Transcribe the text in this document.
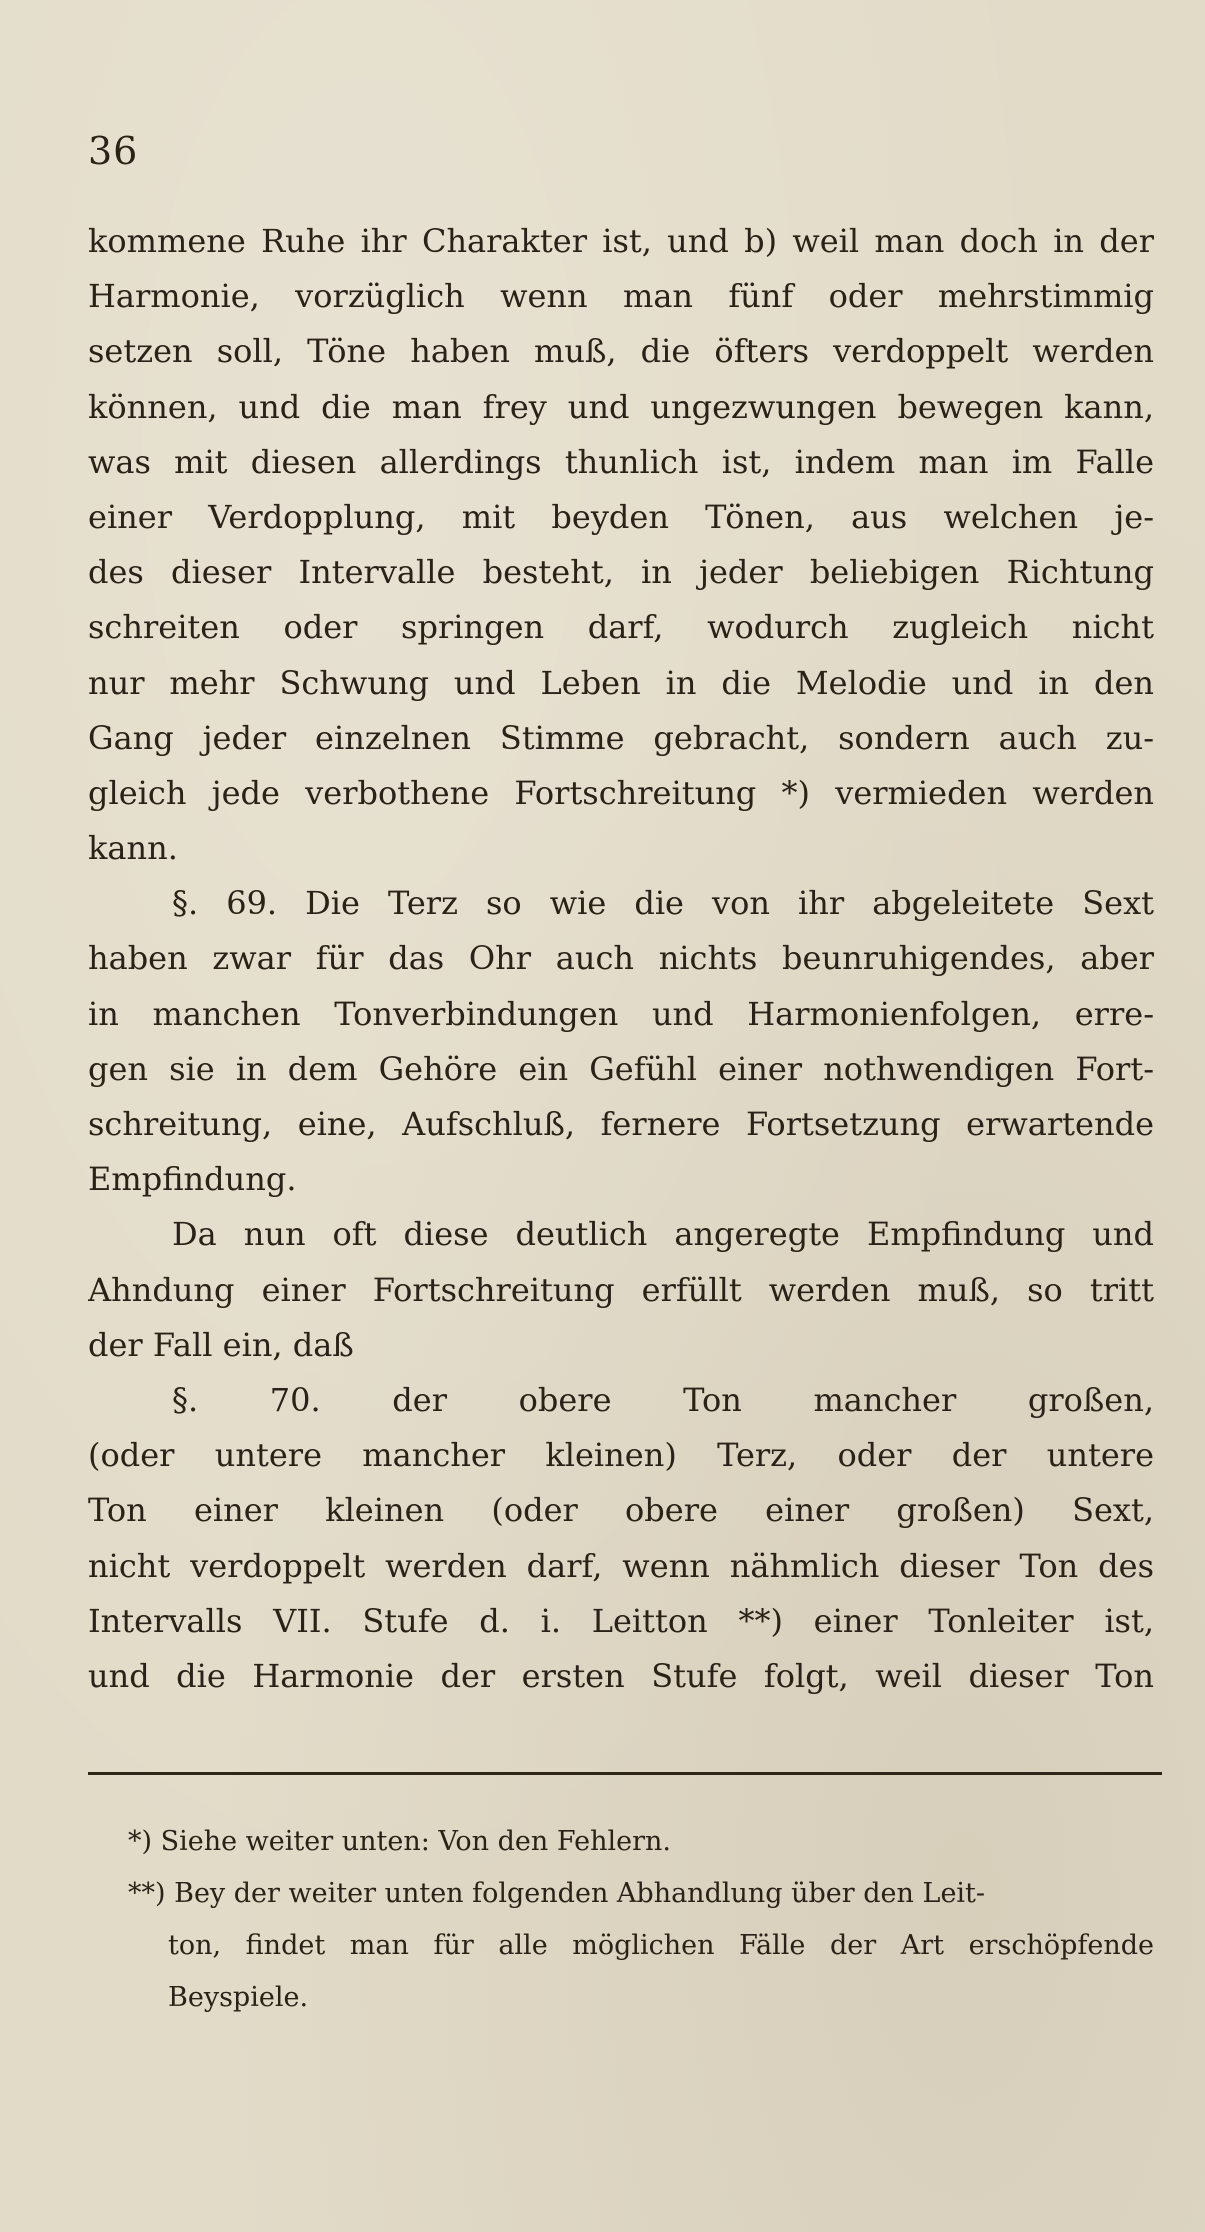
36
kommene Ruhe ihr Charakter ist, und b) weil man doch in der
Harmonie, vorzüglich wenn man fünf oder mehrstimmig
setzen soll, Töne haben muß, die öfters verdoppelt werden
können, und die man frey und ungezwungen bewegen kann,
was mit diesen allerdings thunlich ist, indem man im Falle
einer Verdopplung, mit beyden Tönen, aus welchen je-
des dieser Intervalle besteht, in jeder beliebigen Richtung
schreiten oder springen darf, wodurch zugleich nicht
nur mehr Schwung und Leben in die Melodie und in den
Gang jeder einzelnen Stimme gebracht, sondern auch zu-
gleich jede verbothene Fortschreitung *) vermieden werden
kann.
§. 69. Die Terz so wie die von ihr abgeleitete Sext
haben zwar für das Ohr auch nichts beunruhigendes, aber
in manchen Tonverbindungen und Harmonienfolgen, erre-
gen sie in dem Gehöre ein Gefühl einer nothwendigen Fort-
schreitung, eine, Aufschluß, fernere Fortsetzung erwartende
Empfindung.
Da nun oft diese deutlich angeregte Empfindung und
Ahndung einer Fortschreitung erfüllt werden muß, so tritt
der Fall ein, daß
§. 70. der obere Ton mancher großen,
(oder untere mancher kleinen) Terz, oder der untere
Ton einer kleinen (oder obere einer großen) Sext,
nicht verdoppelt werden darf, wenn nähmlich dieser Ton des
Intervalls VII. Stufe d. i. Leitton **) einer Tonleiter ist,
und die Harmonie der ersten Stufe folgt, weil dieser Ton
*) Siehe weiter unten: Von den Fehlern.
**) Bey der weiter unten folgenden Abhandlung über den Leit-
ton, findet man für alle möglichen Fälle der Art erschöpfende
Beyspiele.
